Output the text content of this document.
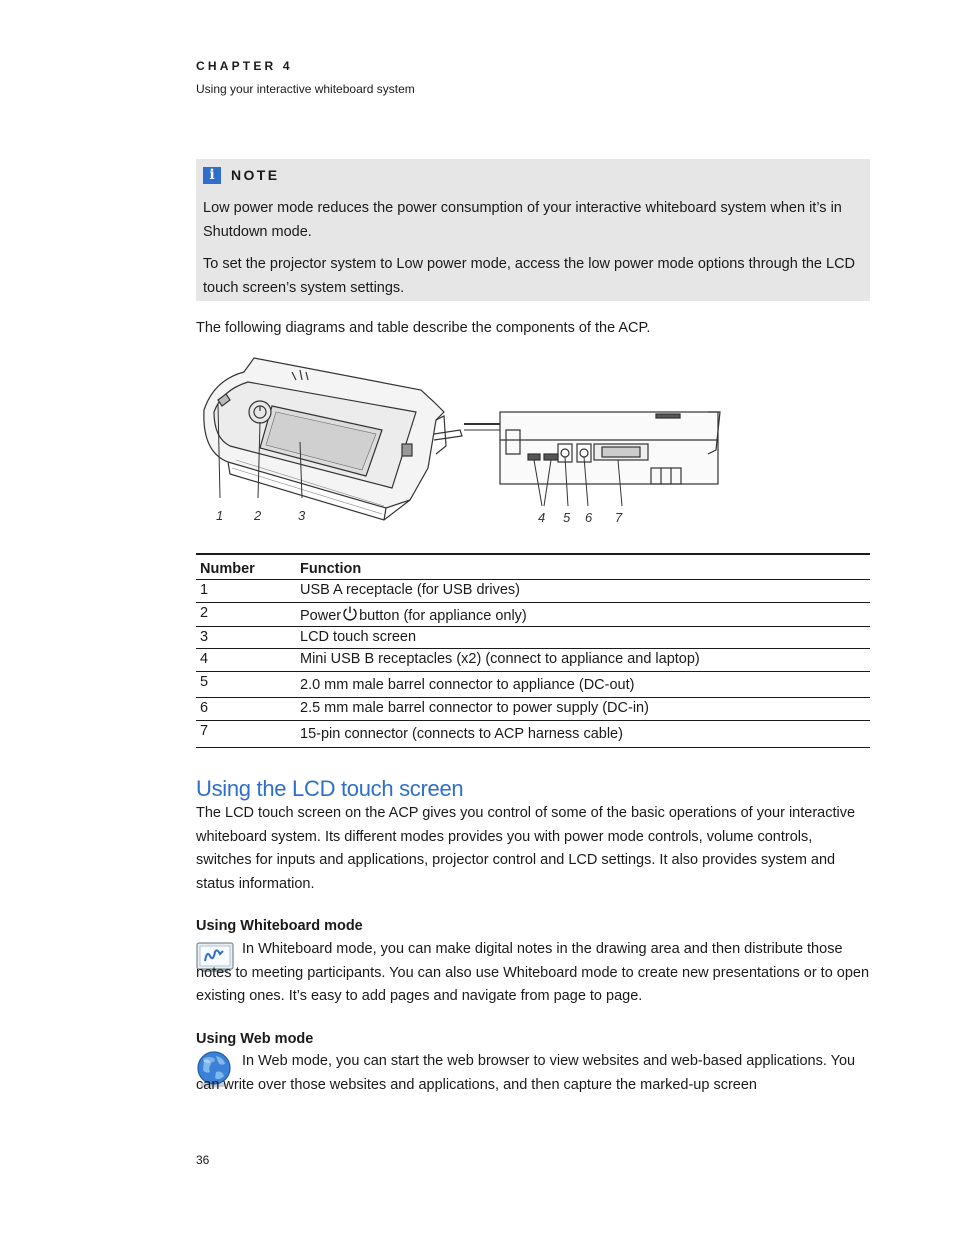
CHAPTER 4
Using your interactive whiteboard system
i	NOTE

Low power mode reduces the power consumption of your interactive whiteboard system when it’s in Shutdown mode.

To set the projector system to Low power mode, access the low power mode options through the LCD touch screen’s system settings.

The following diagrams and table describe the components of the ACP.
1 2	3	4 5 6 7
Number	Function
1	USB A receptacle (for USB drives)
2	Power button (for appliance only)
3	LCD touch screen
4	Mini USB B receptacles (x2) (connect to appliance and laptop)
5	2.0 mm male barrel connector to appliance (DC-out)
6	2.5 mm male barrel connector to power supply (DC-in)
7	15-pin connector (connects to ACP harness cable)
Using the LCD touch screen

The LCD touch screen on the ACP gives you control of some of the basic operations of your interactive whiteboard system. Its different modes provides you with power mode controls, volume controls, switches for inputs and applications, projector control and LCD settings. It also provides system and status information.

Using Whiteboard mode

In Whiteboard mode, you can make digital notes in the drawing area and then distribute those notes to meeting participants. You can also use Whiteboard mode to create new presentations or to open existing ones. It’s easy to add pages and navigate from page to page.

Using Web mode

In Web mode, you can start the web browser to view websites and web-based applications. You can write over those websites and applications, and then capture the marked-up screen

36
